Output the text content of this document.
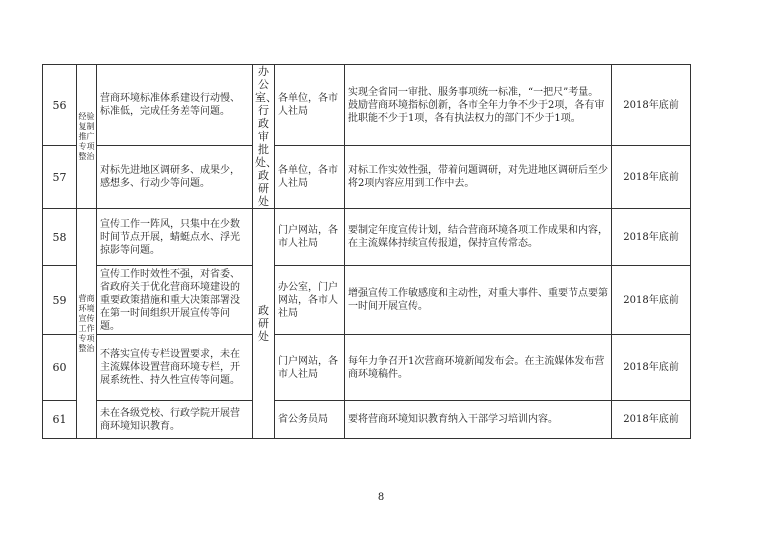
56	经验复制推广专项整治	营商环境标准体系建设行动慢、标准低，完成任务差等问题。	办公室、行政审批处、政研处	各单位，各市人社局	实现全省同一审批、服务事项统一标准，“一把尺”考量。鼓励营商环境指标创新，各市全年力争不少于2项，各有审批职能不少于1项，各有执法权力的部门不少于1项。	2018年底前
57		对标先进地区调研多、成果少，感想多、行动少等问题。		各单位，各市人社局	对标工作实效性强，带着问题调研，对先进地区调研后至少将2项内容应用到工作中去。	2018年底前
58	营商环境宣传工作专项整治	宣传工作一阵风，只集中在少数时间节点开展，蜻蜓点水、浮光掠影等问题。	政研处	门户网站，各市人社局	要制定年度宣传计划，结合营商环境各项工作成果和内容，在主流媒体持续宣传报道，保持宣传常态。	2018年底前
59		宣传工作时效性不强，对省委、省政府关于优化营商环境建设的重要政策措施和重大决策部署没在第一时间组织开展宣传等问题。		办公室，门户网站，各市人社局	增强宣传工作敏感度和主动性，对重大事件、重要节点要第一时间开展宣传。	2018年底前
60		不落实宣传专栏设置要求，未在主流媒体设置营商环境专栏，开展系统性、持久性宣传等问题。		门户网站，各市人社局	每年力争召开1次营商环境新闻发布会。在主流媒体发布营商环境稿件。	2018年底前
61		未在各级党校、行政学院开展营商环境知识教育。		省公务员局	要将营商环境知识教育纳入干部学习培训内容。	2018年底前
8
